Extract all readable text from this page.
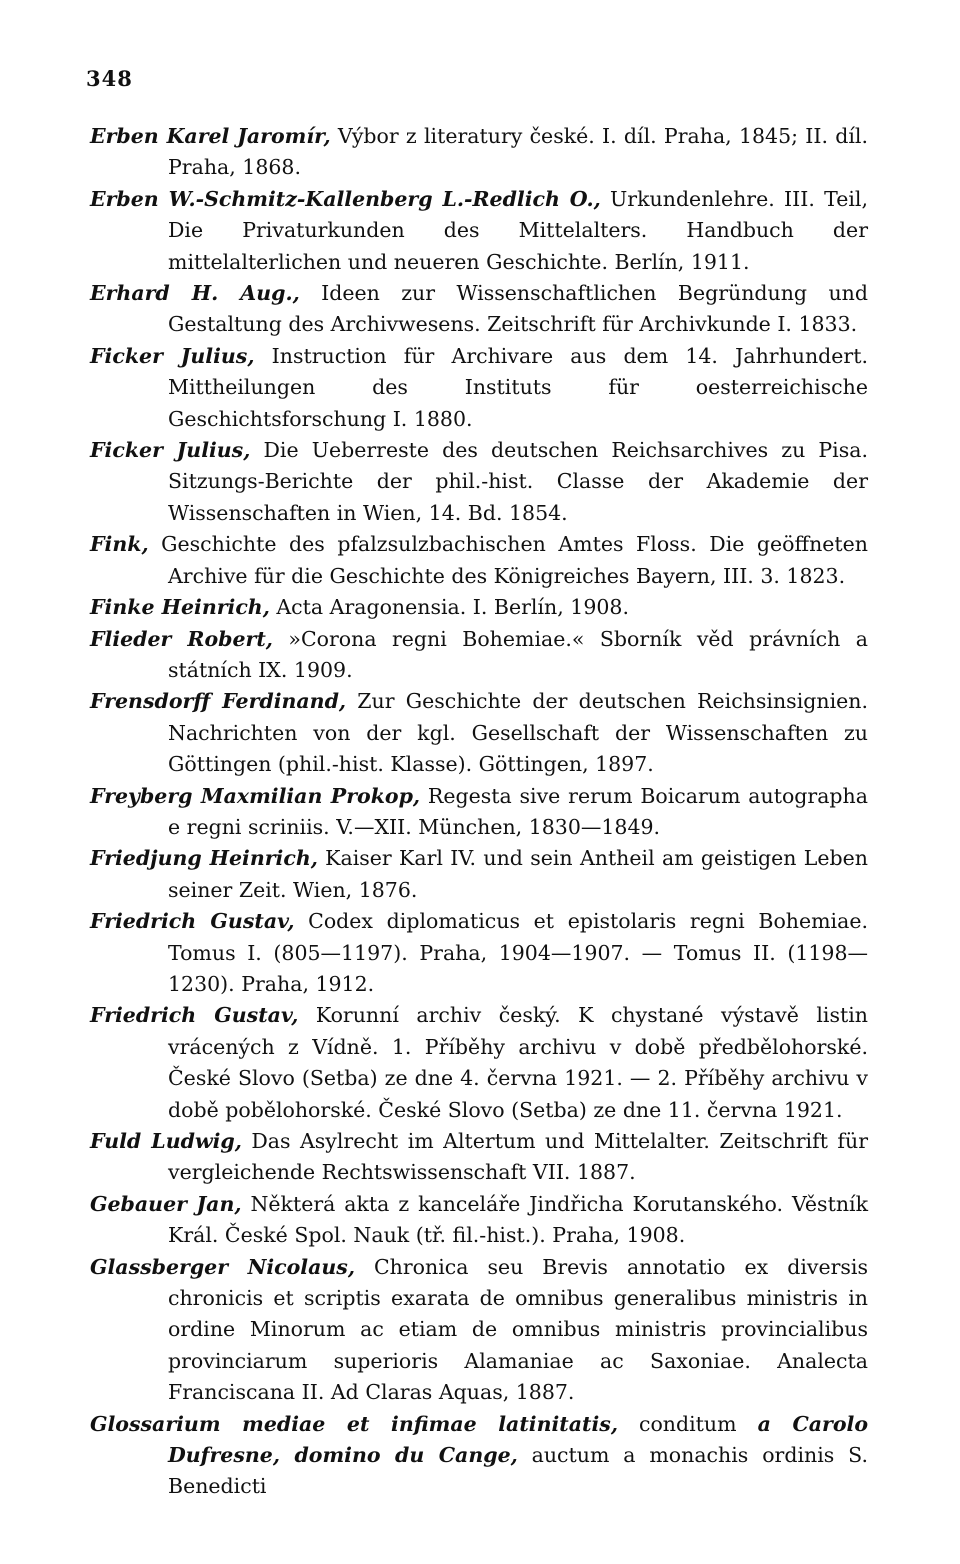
348

Erben Karel Jaromír, Výbor z literatury české. I. díl. Praha, 1845; II. díl. Praha, 1868.

Erben W.-Schmitz-Kallenberg L.-Redlich O., Urkundenlehre. III. Teil, Die Privaturkunden des Mittelalters. Handbuch der mittelalterlichen und neueren Geschichte. Berlín, 1911.

Erhard H. Aug., Ideen zur Wissenschaftlichen Begründung und Gestaltung des Archivwesens. Zeitschrift für Archivkunde I. 1833.

Ficker Julius, Instruction für Archivare aus dem 14. Jahrhundert. Mittheilungen des Instituts für oesterreichische Geschichtsforschung I. 1880.

Ficker Julius, Die Ueberreste des deutschen Reichsarchives zu Pisa. Sitzungs-Berichte der phil.-hist. Classe der Akademie der Wissenschaften in Wien, 14. Bd. 1854.

Fink, Geschichte des pfalzsulzbachischen Amtes Floss. Die geöffneten Archive für die Geschichte des Königreiches Bayern, III. 3. 1823.

Finke Heinrich, Acta Aragonensia. I. Berlín, 1908.

Flieder Robert, »Corona regni Bohemiae.« Sborník věd právních a státních IX. 1909.

Frensdorff Ferdinand, Zur Geschichte der deutschen Reichsinsignien. Nachrichten von der kgl. Gesellschaft der Wissenschaften zu Göttingen (phil.-hist. Klasse). Göttingen, 1897.

Freyberg Maxmilian Prokop, Regesta sive rerum Boicarum autographa e regni scriniis. V.—XII. München, 1830—1849.

Friedjung Heinrich, Kaiser Karl IV. und sein Antheil am geistigen Leben seiner Zeit. Wien, 1876.

Friedrich Gustav, Codex diplomaticus et epistolaris regni Bohemiae. Tomus I. (805—1197). Praha, 1904—1907. — Tomus II. (1198—1230). Praha, 1912.

Friedrich Gustav, Korunní archiv český. K chystané výstavě listin vrácených z Vídně. 1. Příběhy archivu v době předbělohorské. České Slovo (Setba) ze dne 4. června 1921. — 2. Příběhy archivu v době pobělohorské. České Slovo (Setba) ze dne 11. června 1921.

Fuld Ludwig, Das Asylrecht im Altertum und Mittelalter. Zeitschrift für vergleichende Rechtswissenschaft VII. 1887.

Gebauer Jan, Některá akta z kanceláře Jindřicha Korutanského. Věstník Král. České Spol. Nauk (tř. fil.-hist.). Praha, 1908.

Glassberger Nicolaus, Chronica seu Brevis annotatio ex diversis chronicis et scriptis exarata de omnibus generalibus ministris in ordine Minorum ac etiam de omnibus ministris provincialibus provinciarum superioris Alamaniae ac Saxoniae. Analecta Franciscana II. Ad Claras Aquas, 1887.

Glossarium mediae et infimae latinitatis, conditum a Carolo Dufresne, domino du Cange, auctum a monachis ordinis S. Benedicti
